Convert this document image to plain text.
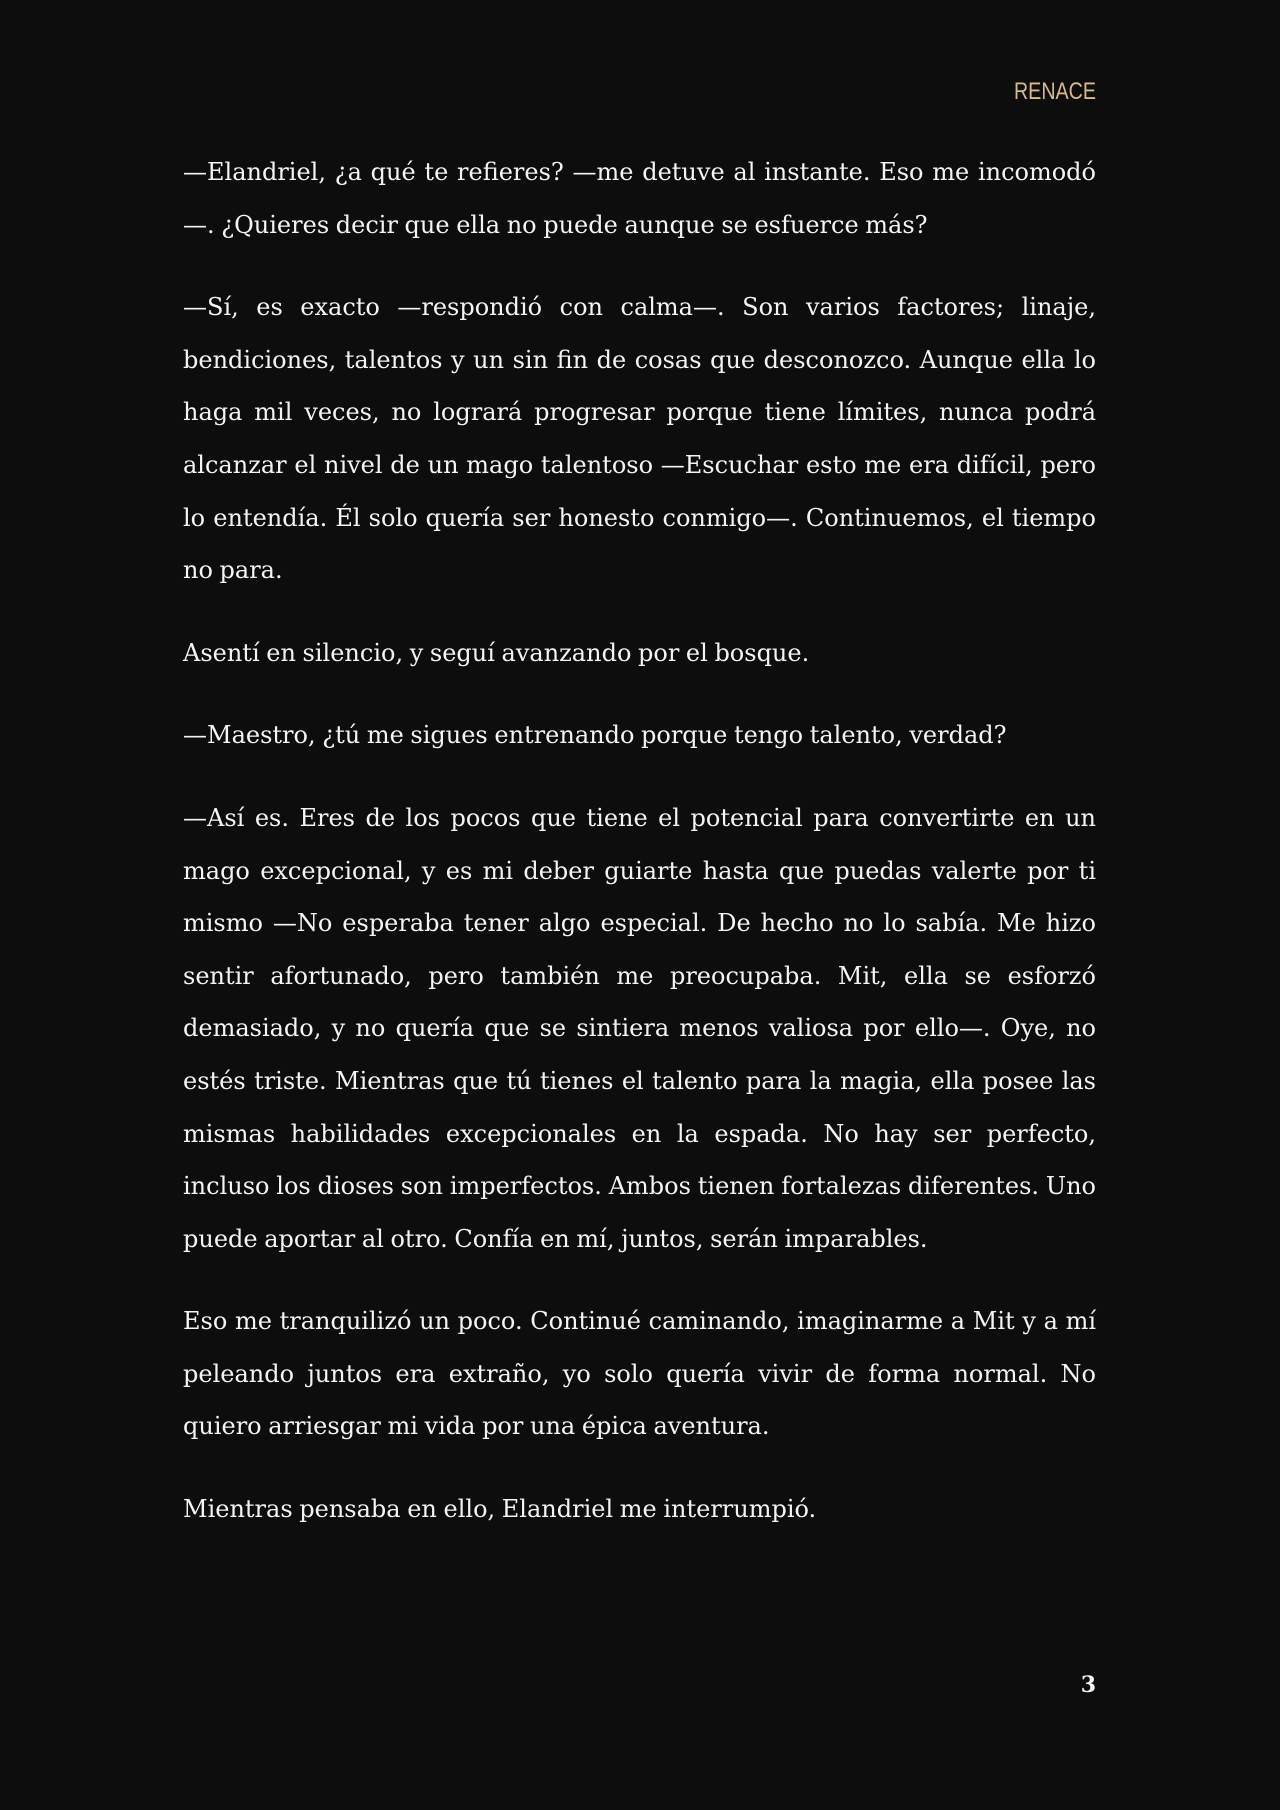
RENACE

—Elandriel, ¿a qué te refieres? —me detuve al instante. Eso me incomodó—. ¿Quieres decir que ella no puede aunque se esfuerce más?

—Sí, es exacto —respondió con calma—. Son varios factores; linaje, bendiciones, talentos y un sin fin de cosas que desconozco. Aunque ella lo haga mil veces, no logrará progresar porque tiene límites, nunca podrá alcanzar el nivel de un mago talentoso —Escuchar esto me era difícil, pero lo entendía. Él solo quería ser honesto conmigo—. Continuemos, el tiempo no para.

Asentí en silencio, y seguí avanzando por el bosque.

—Maestro, ¿tú me sigues entrenando porque tengo talento, verdad?

—Así es. Eres de los pocos que tiene el potencial para convertirte en un mago excepcional, y es mi deber guiarte hasta que puedas valerte por ti mismo —No esperaba tener algo especial. De hecho no lo sabía. Me hizo sentir afortunado, pero también me preocupaba. Mit, ella se esforzó demasiado, y no quería que se sintiera menos valiosa por ello—. Oye, no estés triste. Mientras que tú tienes el talento para la magia, ella posee las mismas habilidades excepcionales en la espada. No hay ser perfecto, incluso los dioses son imperfectos. Ambos tienen fortalezas diferentes. Uno puede aportar al otro. Confía en mí, juntos, serán imparables.

Eso me tranquilizó un poco. Continué caminando, imaginarme a Mit y a mí peleando juntos era extraño, yo solo quería vivir de forma normal. No quiero arriesgar mi vida por una épica aventura.

Mientras pensaba en ello, Elandriel me interrumpió.

3
